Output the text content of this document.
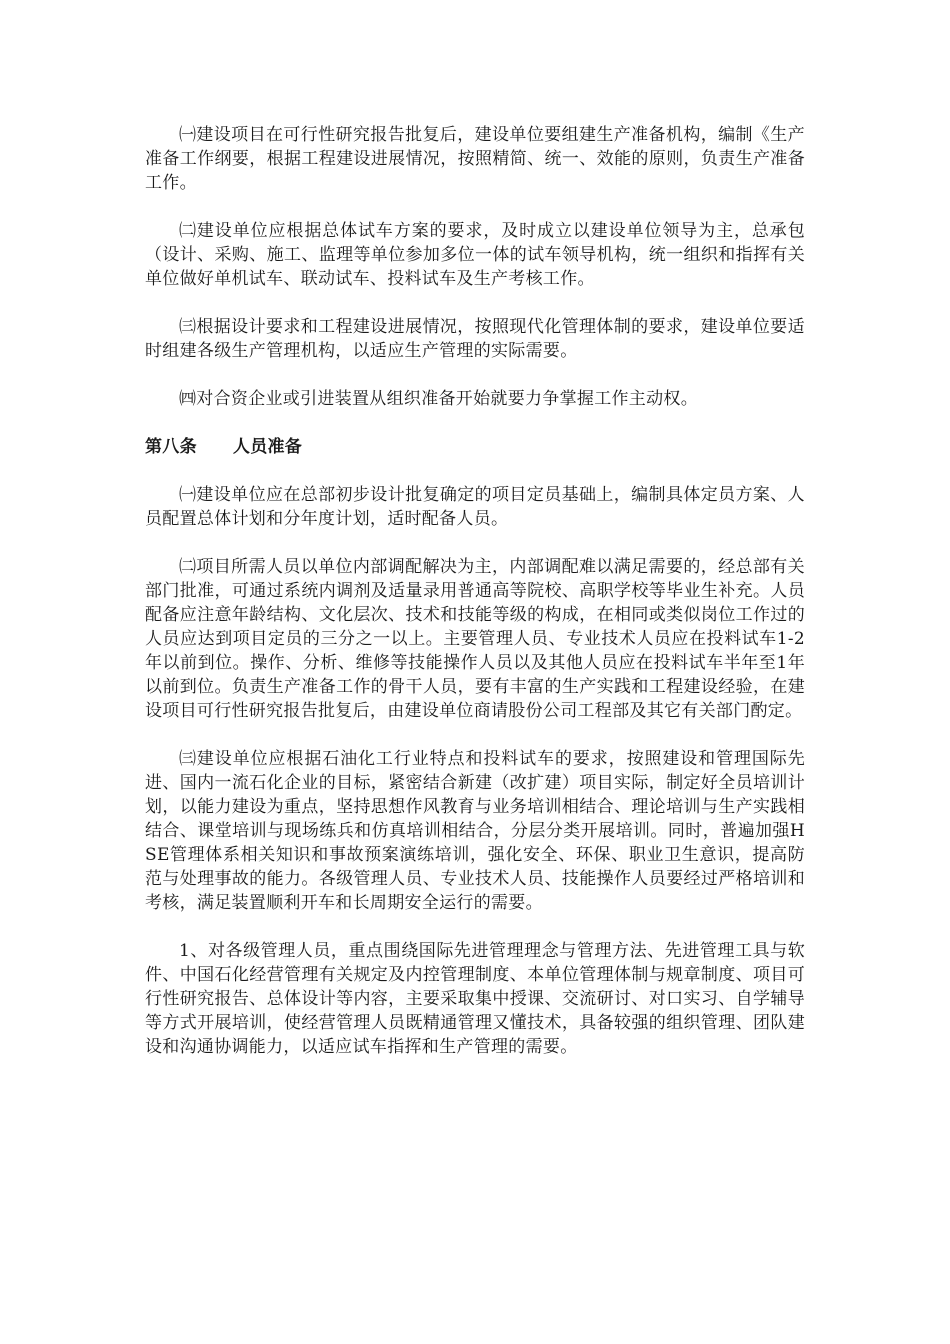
㈠建设项目在可行性研究报告批复后，建设单位要组建生产准备机构，编制《生产准备工作纲要，根据工程建设进展情况，按照精简、统一、效能的原则，负责生产准备工作。

㈡建设单位应根据总体试车方案的要求，及时成立以建设单位领导为主，总承包（设计、采购、施工、监理等单位参加多位一体的试车领导机构，统一组织和指挥有关单位做好单机试车、联动试车、投料试车及生产考核工作。

㈢根据设计要求和工程建设进展情况，按照现代化管理体制的要求，建设单位要适时组建各级生产管理机构，以适应生产管理的实际需要。

㈣对合资企业或引进装置从组织准备开始就要力争掌握工作主动权。

第八条 人员准备

㈠建设单位应在总部初步设计批复确定的项目定员基础上，编制具体定员方案、人员配置总体计划和分年度计划，适时配备人员。

㈡项目所需人员以单位内部调配解决为主，内部调配难以满足需要的，经总部有关部门批准，可通过系统内调剂及适量录用普通高等院校、高职学校等毕业生补充。人员配备应注意年龄结构、文化层次、技术和技能等级的构成，在相同或类似岗位工作过的人员应达到项目定员的三分之一以上。主要管理人员、专业技术人员应在投料试车1-2年以前到位。操作、分析、维修等技能操作人员以及其他人员应在投料试车半年至1年以前到位。负责生产准备工作的骨干人员，要有丰富的生产实践和工程建设经验，在建设项目可行性研究报告批复后，由建设单位商请股份公司工程部及其它有关部门酌定。

㈢建设单位应根据石油化工行业特点和投料试车的要求，按照建设和管理国际先进、国内一流石化企业的目标，紧密结合新建（改扩建）项目实际，制定好全员培训计划，以能力建设为重点，坚持思想作风教育与业务培训相结合、理论培训与生产实践相结合、课堂培训与现场练兵和仿真培训相结合，分层分类开展培训。同时，普遍加强HSE管理体系相关知识和事故预案演练培训，强化安全、环保、职业卫生意识，提高防范与处理事故的能力。各级管理人员、专业技术人员、技能操作人员要经过严格培训和考核，满足装置顺利开车和长周期安全运行的需要。

1、对各级管理人员，重点围绕国际先进管理理念与管理方法、先进管理工具与软件、中国石化经营管理有关规定及内控管理制度、本单位管理体制与规章制度、项目可行性研究报告、总体设计等内容，主要采取集中授课、交流研讨、对口实习、自学辅导等方式开展培训，使经营管理人员既精通管理又懂技术，具备较强的组织管理、团队建设和沟通协调能力，以适应试车指挥和生产管理的需要。
